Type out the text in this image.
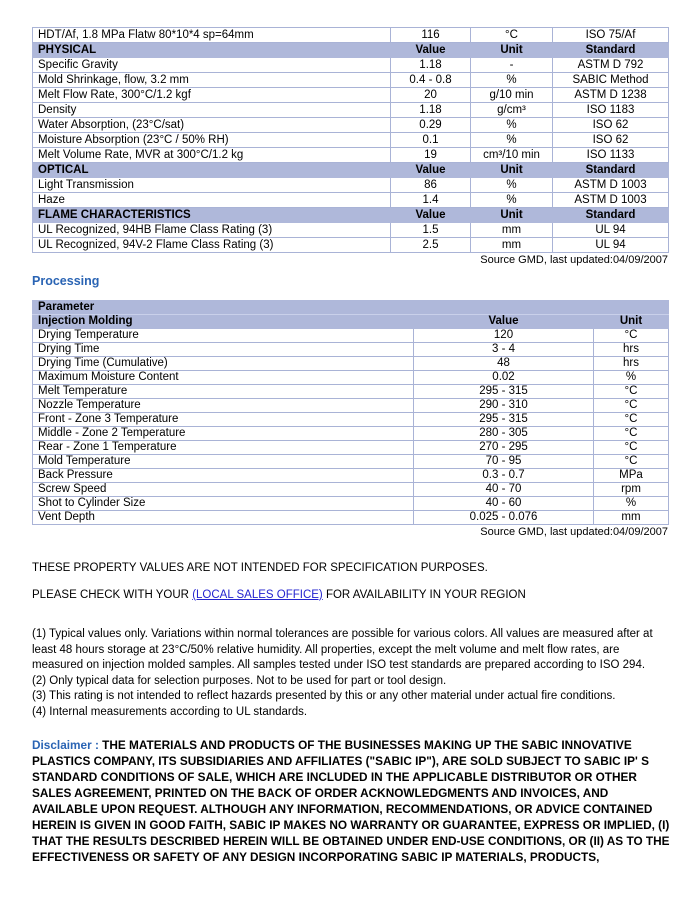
HDT/Af, 1.8 MPa Flatw 80*10*4 sp=64mm	116	°C	ISO 75/Af
PHYSICAL	Value	Unit	Standard
Specific Gravity	1.18	-	ASTM D 792
Mold Shrinkage, flow, 3.2 mm	0.4 - 0.8	%	SABIC Method
Melt Flow Rate, 300°C/1.2 kgf	20	g/10 min	ASTM D 1238
Density	1.18	g/cm³	ISO 1183
Water Absorption, (23°C/sat)	0.29	%	ISO 62
Moisture Absorption (23°C / 50% RH)	0.1	%	ISO 62
Melt Volume Rate, MVR at 300°C/1.2 kg	19	cm³/10 min	ISO 1133
OPTICAL	Value	Unit	Standard
Light Transmission	86	%	ASTM D 1003
Haze	1.4	%	ASTM D 1003
FLAME CHARACTERISTICS	Value	Unit	Standard
UL Recognized, 94HB Flame Class Rating (3)	1.5	mm	UL 94
UL Recognized, 94V-2 Flame Class Rating (3)	2.5	mm	UL 94
Source GMD, last updated:04/09/2007
Processing
Parameter		
Injection Molding	Value	Unit
Drying Temperature	120	°C
Drying Time	3 - 4	hrs
Drying Time (Cumulative)	48	hrs
Maximum Moisture Content	0.02	%
Melt Temperature	295 - 315	°C
Nozzle Temperature	290 - 310	°C
Front - Zone 3 Temperature	295 - 315	°C
Middle - Zone 2 Temperature	280 - 305	°C
Rear - Zone 1 Temperature	270 - 295	°C
Mold Temperature	70 - 95	°C
Back Pressure	0.3 - 0.7	MPa
Screw Speed	40 - 70	rpm
Shot to Cylinder Size	40 - 60	%
Vent Depth	0.025 - 0.076	mm
Source GMD, last updated:04/09/2007

THESE PROPERTY VALUES ARE NOT INTENDED FOR SPECIFICATION PURPOSES.

PLEASE CHECK WITH YOUR (LOCAL SALES OFFICE) FOR AVAILABILITY IN YOUR REGION

(1) Typical values only. Variations within normal tolerances are possible for various colors. All values are measured after at least 48 hours storage at 23°C/50% relative humidity. All properties, except the melt volume and melt flow rates, are measured on injection molded samples. All samples tested under ISO test standards are prepared according to ISO 294.
(2) Only typical data for selection purposes. Not to be used for part or tool design.
(3) This rating is not intended to reflect hazards presented by this or any other material under actual fire conditions.
(4) Internal measurements according to UL standards.

Disclaimer : THE MATERIALS AND PRODUCTS OF THE BUSINESSES MAKING UP THE SABIC INNOVATIVE PLASTICS COMPANY, ITS SUBSIDIARIES AND AFFILIATES ("SABIC IP"), ARE SOLD SUBJECT TO SABIC IP' S STANDARD CONDITIONS OF SALE, WHICH ARE INCLUDED IN THE APPLICABLE DISTRIBUTOR OR OTHER SALES AGREEMENT, PRINTED ON THE BACK OF ORDER ACKNOWLEDGMENTS AND INVOICES, AND AVAILABLE UPON REQUEST. ALTHOUGH ANY INFORMATION, RECOMMENDATIONS, OR ADVICE CONTAINED HEREIN IS GIVEN IN GOOD FAITH, SABIC IP MAKES NO WARRANTY OR GUARANTEE, EXPRESS OR IMPLIED, (I) THAT THE RESULTS DESCRIBED HEREIN WILL BE OBTAINED UNDER END-USE CONDITIONS, OR (II) AS TO THE EFFECTIVENESS OR SAFETY OF ANY DESIGN INCORPORATING SABIC IP MATERIALS, PRODUCTS,
